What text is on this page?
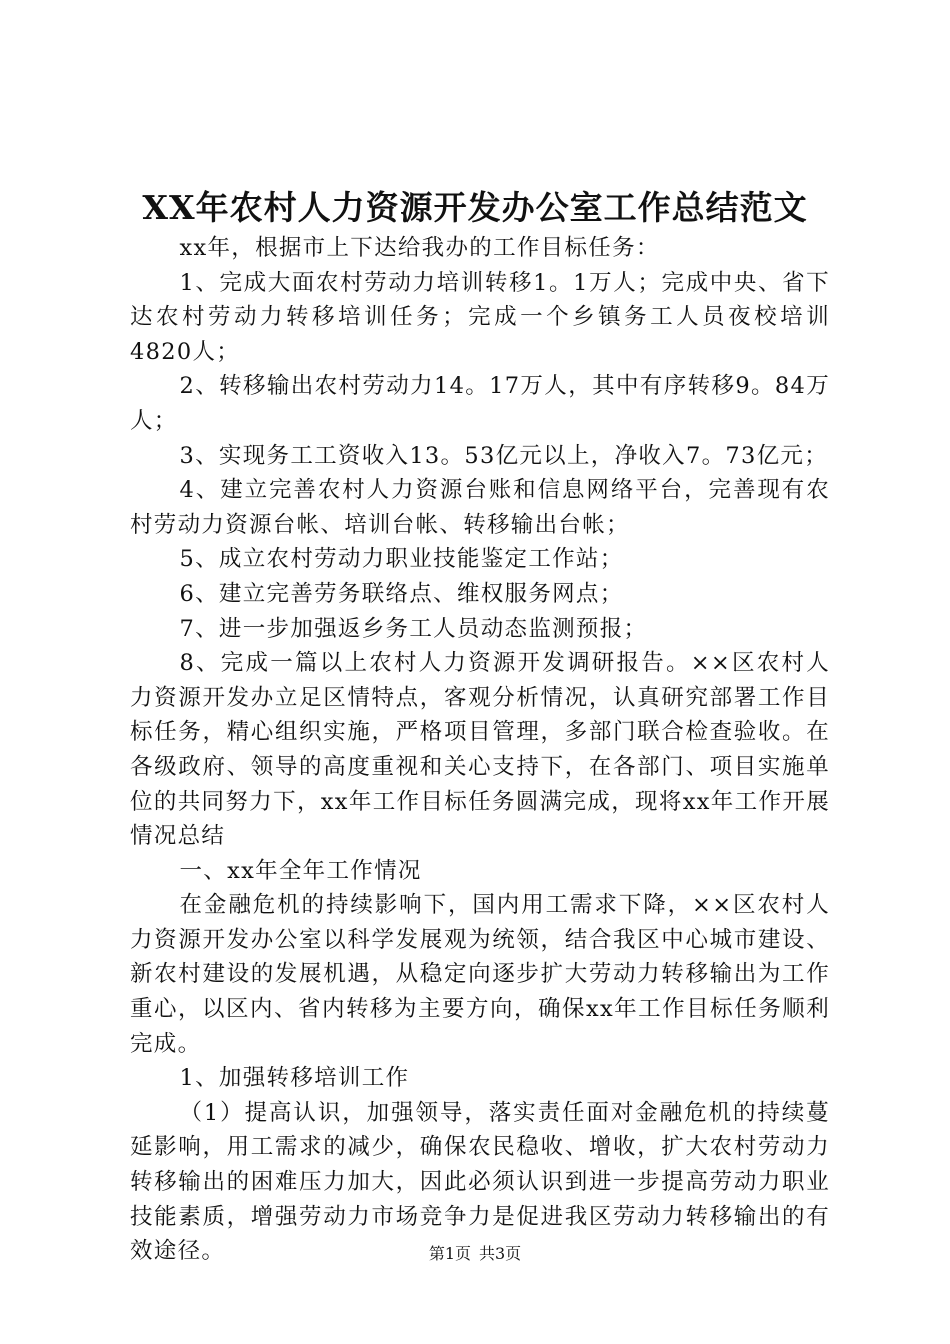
XX年农村人力资源开发办公室工作总结范文

xx年，根据市上下达给我办的工作目标任务：

1、完成大面农村劳动力培训转移1。1万人；完成中央、省下达农村劳动力转移培训任务；完成一个乡镇务工人员夜校培训4820人；

2、转移输出农村劳动力14。17万人，其中有序转移9。84万人；

3、实现务工工资收入13。53亿元以上，净收入7。73亿元；

4、建立完善农村人力资源台账和信息网络平台，完善现有农村劳动力资源台帐、培训台帐、转移输出台帐；

5、成立农村劳动力职业技能鉴定工作站；

6、建立完善劳务联络点、维权服务网点；

7、进一步加强返乡务工人员动态监测预报；

8、完成一篇以上农村人力资源开发调研报告。××区农村人力资源开发办立足区情特点，客观分析情况，认真研究部署工作目标任务，精心组织实施，严格项目管理，多部门联合检查验收。在各级政府、领导的高度重视和关心支持下，在各部门、项目实施单位的共同努力下，xx年工作目标任务圆满完成，现将xx年工作开展情况总结

一、xx年全年工作情况

在金融危机的持续影响下，国内用工需求下降，××区农村人力资源开发办公室以科学发展观为统领，结合我区中心城市建设、新农村建设的发展机遇，从稳定向逐步扩大劳动力转移输出为工作重心，以区内、省内转移为主要方向，确保xx年工作目标任务顺利完成。

1、加强转移培训工作

（1）提高认识，加强领导，落实责任面对金融危机的持续蔓延影响，用工需求的减少，确保农民稳收、增收，扩大农村劳动力转移输出的困难压力加大，因此必须认识到进一步提高劳动力职业技能素质，增强劳动力市场竞争力是促进我区劳动力转移输出的有效途径。	第1页 共3页
